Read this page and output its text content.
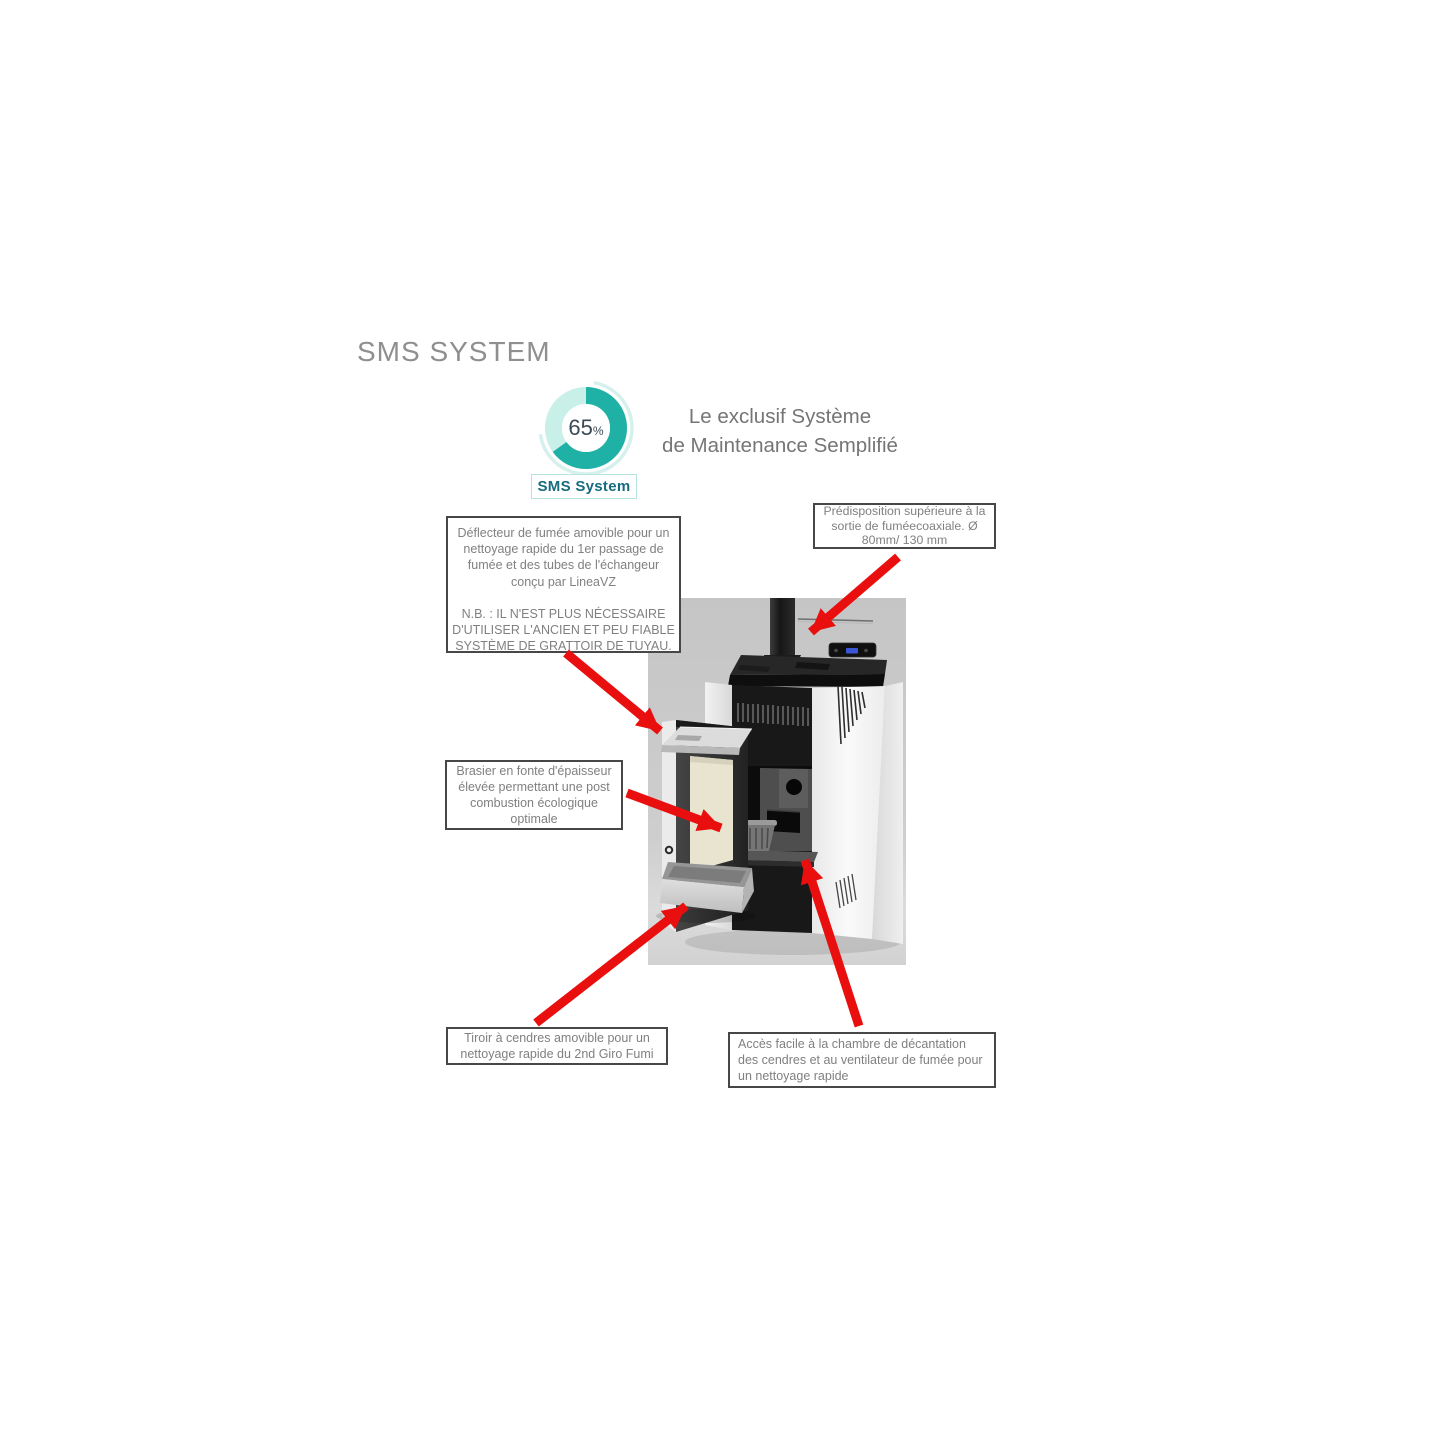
SMS SYSTEM
65%
SMS System
Le exclusif Système
de Maintenance Semplifié
Prédisposition supérieure à la sortie de fuméecoaxiale. Ø 80mm/ 130 mm
Déflecteur de fumée amovible pour un nettoyage rapide du 1er passage de fumée et des tubes de l'échangeur conçu par LineaVZ
N.B. : IL N'EST PLUS NÉCESSAIRE D'UTILISER L'ANCIEN ET PEU FIABLE SYSTÈME DE GRATTOIR DE TUYAU.
Brasier en fonte d'épaisseur élevée permettant une post combustion écologique optimale
Tiroir à cendres amovible pour un nettoyage rapide du 2nd Giro Fumi
Accès facile à la chambre de décantation des cendres et au ventilateur de fumée pour un nettoyage rapide
